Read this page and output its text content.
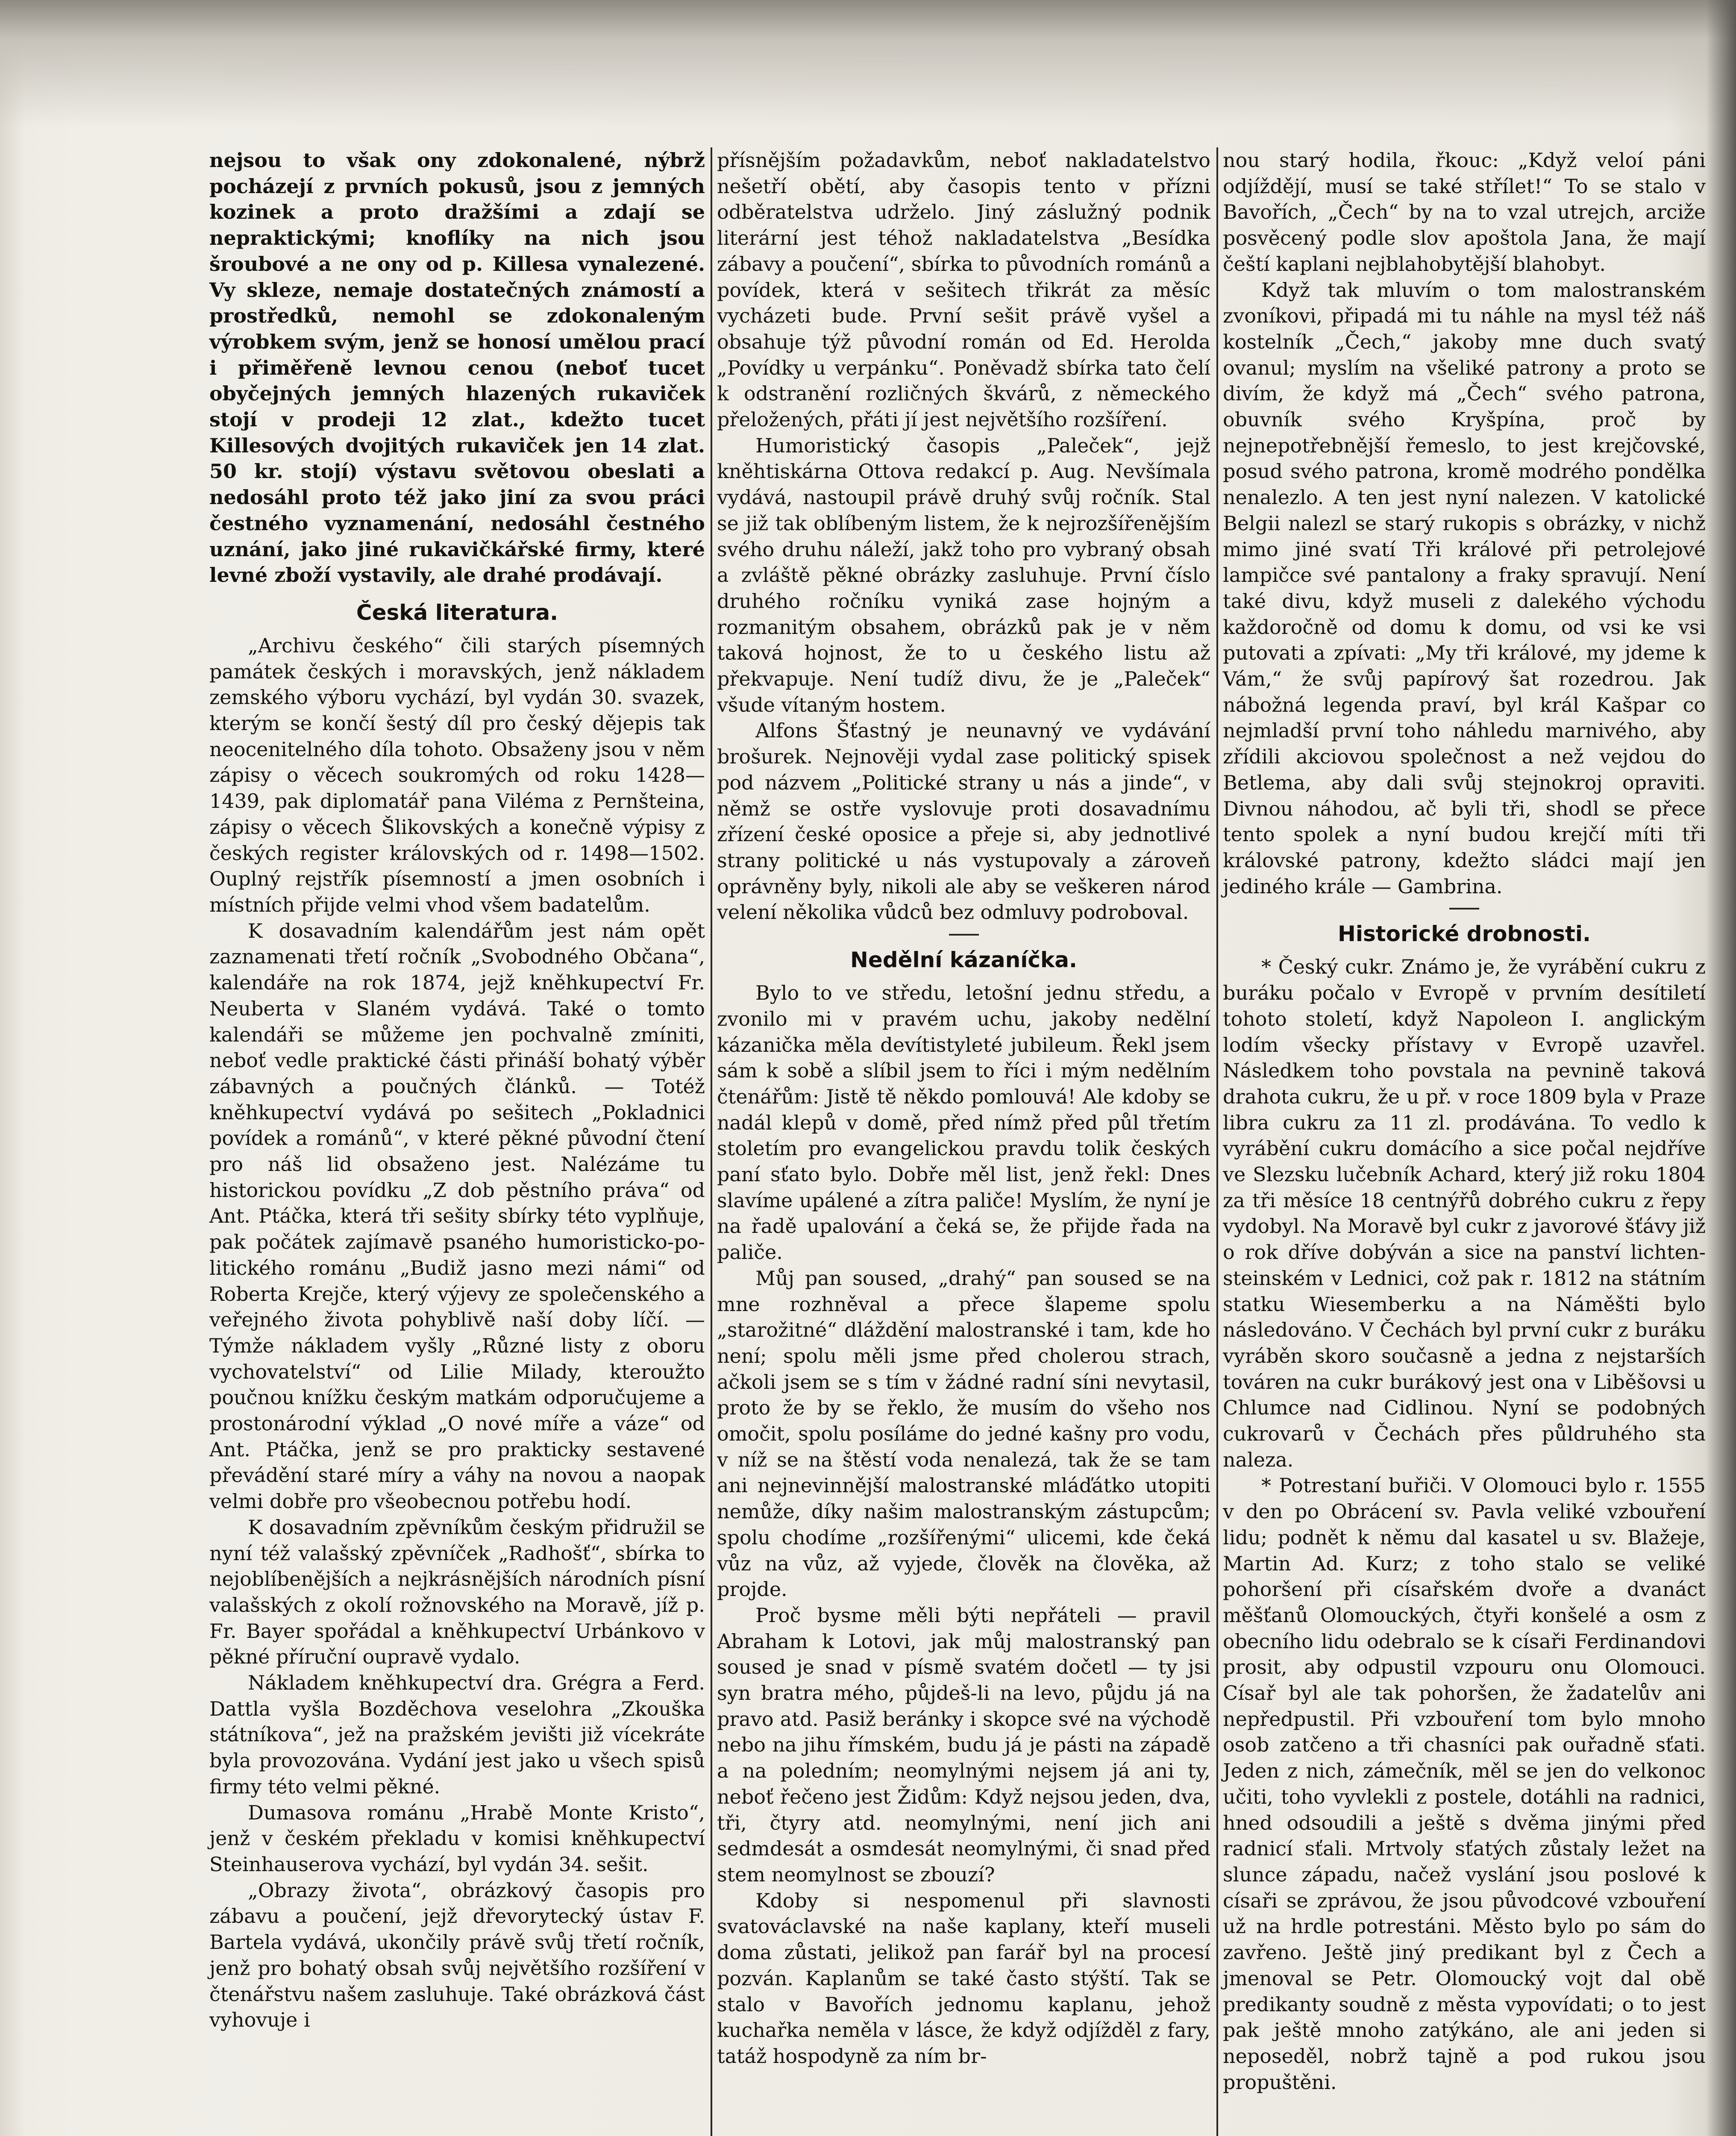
nejsou to však ony zdokonalené, nýbrž pocházejí z prvních pokusů, jsou z jemných kozinek a proto dražšími a zdají se nepraktickými; knoflíky na nich jsou šroubové a ne ony od p. Killesa vynalezené. Vy skleze, nemaje dostatečných známostí a prostředků, nemohl se zdokonaleným výrobkem svým, jenž se honosí umělou prací i přiměřeně levnou cenou (neboť tucet obyčejných jemných hlazených rukaviček stojí v prodeji 12 zlat., kdežto tucet Killesových dvojitých rukaviček jen 14 zlat. 50 kr. stojí) výstavu světovou obeslati a nedosáhl proto též jako jiní za svou práci čestného vyznamenání, nedosáhl čestného uznání, jako jiné rukavičkářské firmy, které levné zboží vystavily, ale drahé prodávají.

Česká literatura.

„Archivu českého“ čili starých písemných památek českých i moravských, jenž nákladem zemského výboru vychází, byl vydán 30. svazek, kterým se končí šestý díl pro český dějepis tak neocenitelného díla tohoto. Obsaženy jsou v něm zápisy o věcech soukromých od roku 1428—1439, pak diplomatář pana Viléma z Pernšteina, zápisy o věcech Šlikovských a konečně výpisy z českých register královských od r. 1498—1502. Ouplný rejstřík písemností a jmen osobních i místních přijde velmi vhod všem badatelům.

K dosavadním kalendářům jest nám opět zaznamenati třetí ročník „Svobodného Občana“, kalendáře na rok 1874, jejž kněhkupectví Fr. Neuberta v Slaném vydává. Také o tomto kalendáři se můžeme jen pochvalně zmíniti, neboť vedle praktické části přináší bohatý výběr zábavných a poučných článků. — Totéž kněhkupectví vydává po sešitech „Pokladnici povídek a románů“, v které pěkné původní čtení pro náš lid obsaženo jest. Nalézáme tu historickou povídku „Z dob pěstního práva“ od Ant. Ptáčka, která tři sešity sbírky této vyplňuje, pak počátek zajímavě psaného humoristicko-politického románu „Budiž jasno mezi námi“ od Roberta Krejče, který výjevy ze společenského a veřejného života pohyblivě naší doby líčí. — Týmže nákladem vyšly „Různé listy z oboru vychovatelství“ od Lilie Milady, kteroužto poučnou knížku českým matkám odporučujeme a prostonárodní výklad „O nové míře a váze“ od Ant. Ptáčka, jenž se pro prakticky sestavené převádění staré míry a váhy na novou a naopak velmi dobře pro všeobecnou potřebu hodí.

K dosavadním zpěvníkům českým přidružil se nyní též valašský zpěvníček „Radhošť“, sbírka to nejoblíbenějších a nejkrásnějších národních písní valašských z okolí rožnovského na Moravě, jíž p. Fr. Bayer spořádal a kněhkupectví Urbánkovo v pěkné příruční oupravě vydalo.

Nákladem kněhkupectví dra. Grégra a Ferd. Dattla vyšla Bozděchova veselohra „Zkouška státníkova“, jež na pražském jevišti již vícekráte byla provozována. Vydání jest jako u všech spisů firmy této velmi pěkné.

Dumasova románu „Hrabě Monte Kristo“, jenž v českém překladu v komisi kněhkupectví Steinhauserova vychází, byl vydán 34. sešit.

„Obrazy života“, obrázkový časopis pro zábavu a poučení, jejž dřevorytecký ústav F. Bartela vydává, ukončily právě svůj třetí ročník, jenž pro bohatý obsah svůj největšího rozšíření v čtenářstvu našem zasluhuje. Také obrázková část vyhovuje i

přísnějším požadavkům, neboť nakladatelstvo nešetří obětí, aby časopis tento v přízni odběratelstva udrželo. Jiný záslužný podnik literární jest téhož nakladatelstva „Besídka zábavy a poučení“, sbírka to původních románů a povídek, která v sešitech třikrát za měsíc vycházeti bude. První sešit právě vyšel a obsahuje týž původní román od Ed. Herolda „Povídky u verpánku“. Poněvadž sbírka tato čelí k odstranění rozličných škvárů, z německého přeložených, přáti jí jest největšího rozšíření.

Humoristický časopis „Paleček“, jejž kněhtiskárna Ottova redakcí p. Aug. Nevšímala vydává, nastoupil právě druhý svůj ročník. Stal se již tak oblíbeným listem, že k nejrozšířenějším svého druhu náleží, jakž toho pro vybraný obsah a zvláště pěkné obrázky zasluhuje. První číslo druhého ročníku vyniká zase hojným a rozmanitým obsahem, obrázků pak je v něm taková hojnost, že to u českého listu až překvapuje. Není tudíž divu, že je „Paleček“ všude vítaným hostem.

Alfons Šťastný je neunavný ve vydávání brošurek. Nejnověji vydal zase politický spisek pod názvem „Politické strany u nás a jinde“, v němž se ostře vyslovuje proti dosavadnímu zřízení české oposice a přeje si, aby jednotlivé strany politické u nás vystupovaly a zároveň oprávněny byly, nikoli ale aby se veškeren národ velení několika vůdců bez odmluvy podroboval.

Nedělní kázaníčka.

Bylo to ve středu, letošní jednu středu, a zvonilo mi v pravém uchu, jakoby nedělní kázanička měla devítistyleté jubileum. Řekl jsem sám k sobě a slíbil jsem to říci i mým nedělním čtenářům: Jistě tě někdo pomlouvá! Ale kdoby se nadál klepů v domě, před nímž před půl třetím stoletím pro evangelickou pravdu tolik českých paní sťato bylo. Dobře měl list, jenž řekl: Dnes slavíme upálené a zítra paliče! Myslím, že nyní je na řadě upalování a čeká se, že přijde řada na paliče.

Můj pan soused, „drahý“ pan soused se na mne rozhněval a přece šlapeme spolu „starožitné“ dláždění malostranské i tam, kde ho není; spolu měli jsme před cholerou strach, ačkoli jsem se s tím v žádné radní síni nevytasil, proto že by se řeklo, že musím do všeho nos omočit, spolu posíláme do jedné kašny pro vodu, v níž se na štěstí voda nenalezá, tak že se tam ani nejnevinnější malostranské mláďátko utopiti nemůže, díky našim malostranským zástupcům; spolu chodíme „rozšířenými“ ulicemi, kde čeká vůz na vůz, až vyjede, člověk na člověka, až projde.

Proč bysme měli býti nepřáteli — pravil Abraham k Lotovi, jak můj malostranský pan soused je snad v písmě svatém dočetl — ty jsi syn bratra mého, půjdeš-li na levo, půjdu já na pravo atd. Pasiž beránky i skopce své na východě nebo na jihu římském, budu já je pásti na západě a na poledním; neomylnými nejsem já ani ty, neboť řečeno jest Židům: Když nejsou jeden, dva, tři, čtyry atd. neomylnými, není jich ani sedmdesát a osmdesát neomylnými, či snad před stem neomylnost se zbouzí?

Kdoby si nespomenul při slavnosti svatováclavské na naše kaplany, kteří museli doma zůstati, jelikož pan farář byl na procesí pozván. Kaplanům se také často stýští. Tak se stalo v Bavořích jednomu kaplanu, jehož kuchařka neměla v lásce, že když odjížděl z fary, tatáž hospodyně za ním br-

nou starý hodila, řkouc: „Když veloí páni odjíždějí, musí se také střílet!“ To se stalo v Bavořích, „Čech“ by na to vzal utrejch, arciže posvěcený podle slov apoštola Jana, že mají čeští kaplani nejblahobytější blahobyt.

Když tak mluvím o tom malostranském zvoníkovi, připadá mi tu náhle na mysl též náš kostelník „Čech,“ jakoby mne duch svatý ovanul; myslím na všeliké patrony a proto se divím, že když má „Čech“ svého patrona, obuvník svého Kryšpína, proč by nejnepotřebnější řemeslo, to jest krejčovské, posud svého patrona, kromě modrého pondělka nenalezlo. A ten jest nyní nalezen. V katolické Belgii nalezl se starý rukopis s obrázky, v nichž mimo jiné svatí Tři králové při petrolejové lampičce své pantalony a fraky spravují. Není také divu, když museli z dalekého východu každoročně od domu k domu, od vsi ke vsi putovati a zpívati: „My tři králové, my jdeme k Vám,“ že svůj papírový šat rozedrou. Jak nábožná legenda praví, byl král Kašpar co nejmladší první toho náhledu marnivého, aby zřídili akciovou společnost a než vejdou do Betlema, aby dali svůj stejnokroj opraviti. Divnou náhodou, ač byli tři, shodl se přece tento spolek a nyní budou krejčí míti tři královské patrony, kdežto sládci mají jen jediného krále — Gambrina.

Historické drobnosti.

* Český cukr. Známo je, že vyrábění cukru z buráku počalo v Evropě v prvním desítiletí tohoto století, když Napoleon I. anglickým lodím všecky přístavy v Evropě uzavřel. Následkem toho povstala na pevnině taková drahota cukru, že u př. v roce 1809 byla v Praze libra cukru za 11 zl. prodávána. To vedlo k vyrábění cukru domácího a sice počal nejdříve ve Slezsku lučebník Achard, který již roku 1804 za tři měsíce 18 centnýřů dobrého cukru z řepy vydobyl. Na Moravě byl cukr z javorové šťávy již o rok dříve dobýván a sice na panství lichtensteinském v Lednici, což pak r. 1812 na státním statku Wiesemberku a na Náměšti bylo následováno. V Čechách byl první cukr z buráku vyráběn skoro současně a jedna z nejstarších továren na cukr burákový jest ona v Liběšovsi u Chlumce nad Cidlinou. Nyní se podobných cukrovarů v Čechách přes půldruhého sta naleza.

* Potrestaní buřiči. V Olomouci bylo r. 1555 v den po Obrácení sv. Pavla veliké vzbouření lidu; podnět k němu dal kasatel u sv. Blažeje, Martin Ad. Kurz; z toho stalo se veliké pohoršení při císařském dvoře a dvanáct měšťanů Olomouckých, čtyři konšelé a osm z obecního lidu odebralo se k císaři Ferdinandovi prosit, aby odpustil vzpouru onu Olomouci. Císař byl ale tak pohoršen, že žadatelův ani nepředpustil. Při vzbouření tom bylo mnoho osob zatčeno a tři chasníci pak ouřadně sťati. Jeden z nich, zámečník, měl se jen do velkonoc učiti, toho vyvlekli z postele, dotáhli na radnici, hned odsoudili a ještě s dvěma jinými před radnicí sťali. Mrtvoly sťatých zůstaly ležet na slunce západu, načež vyslání jsou poslové k císaři se zprávou, že jsou původcové vzbouření už na hrdle potrestáni. Město bylo po sám do zavřeno. Ještě jiný predikant byl z Čech a jmenoval se Petr. Olomoucký vojt dal obě predikanty soudně z města vypovídati; o to jest pak ještě mnoho zatýkáno, ale ani jeden si neposeděl, nobrž tajně a pod rukou jsou propuštěni.
